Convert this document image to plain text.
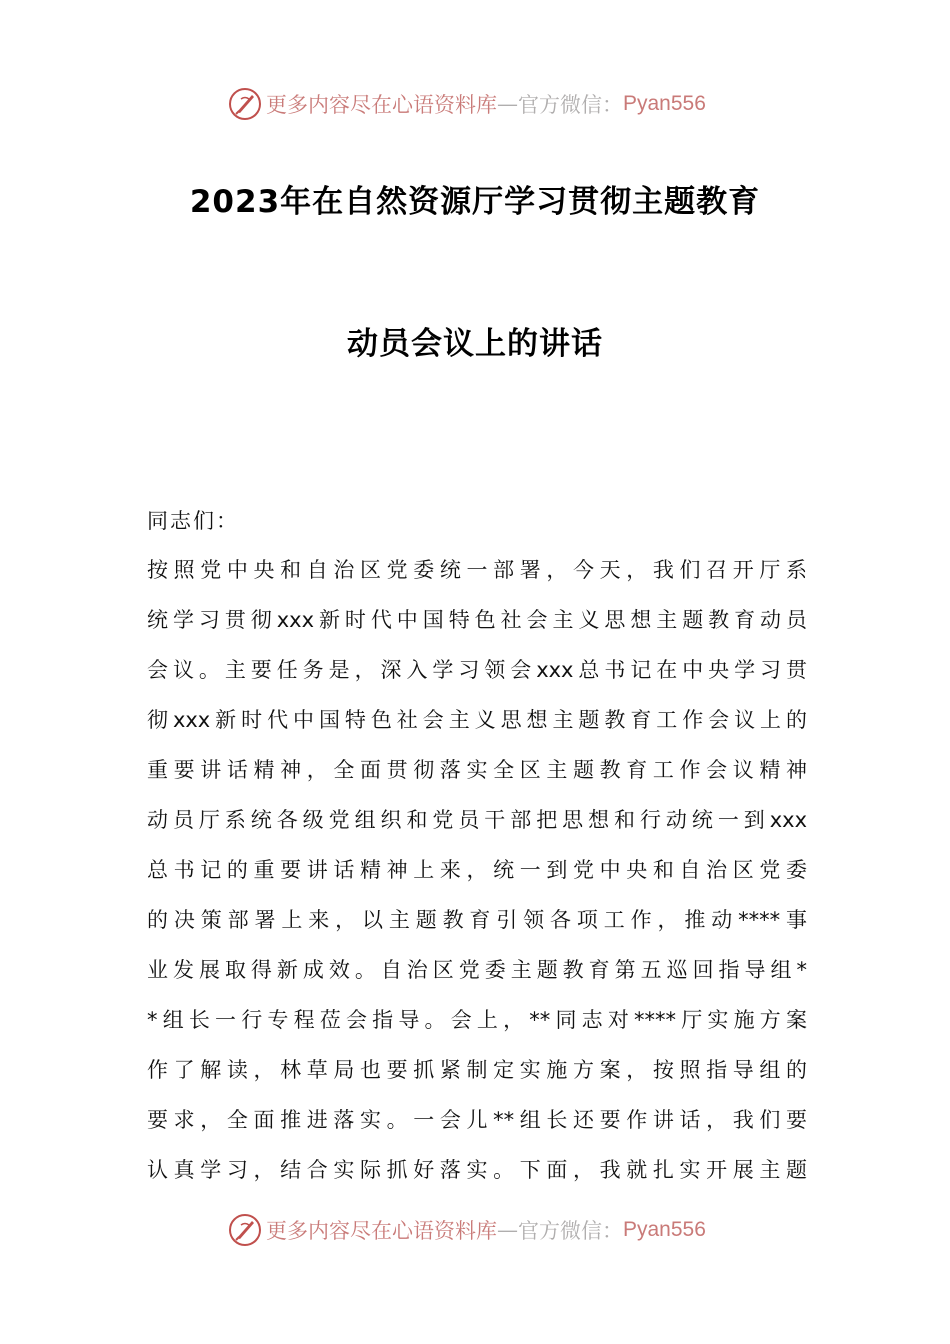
更多内容尽在心语资料库 — 官方微信： Pyan556
2023年在自然资源厅学习贯彻主题教育
动员会议上的讲话
同志们：
按照党中央和自治区党委统一部署，今天，我们召开厅系
统学习贯彻xxx新时代中国特色社会主义思想主题教育动员
会议。主要任务是，深入学习领会xxx总书记在中央学习贯
彻xxx新时代中国特色社会主义思想主题教育工作会议上的
重要讲话精神，全面贯彻落实全区主题教育工作会议精神
动员厅系统各级党组织和党员干部把思想和行动统一到xxx
总书记的重要讲话精神上来，统一到党中央和自治区党委
的决策部署上来，以主题教育引领各项工作，推动****事
业发展取得新成效。自治区党委主题教育第五巡回指导组*
*组长一行专程莅会指导。会上，**同志对****厅实施方案
作了解读，林草局也要抓紧制定实施方案，按照指导组的
要求，全面推进落实。一会儿**组长还要作讲话，我们要
认真学习，结合实际抓好落实。下面，我就扎实开展主题
更多内容尽在心语资料库 — 官方微信： Pyan556
